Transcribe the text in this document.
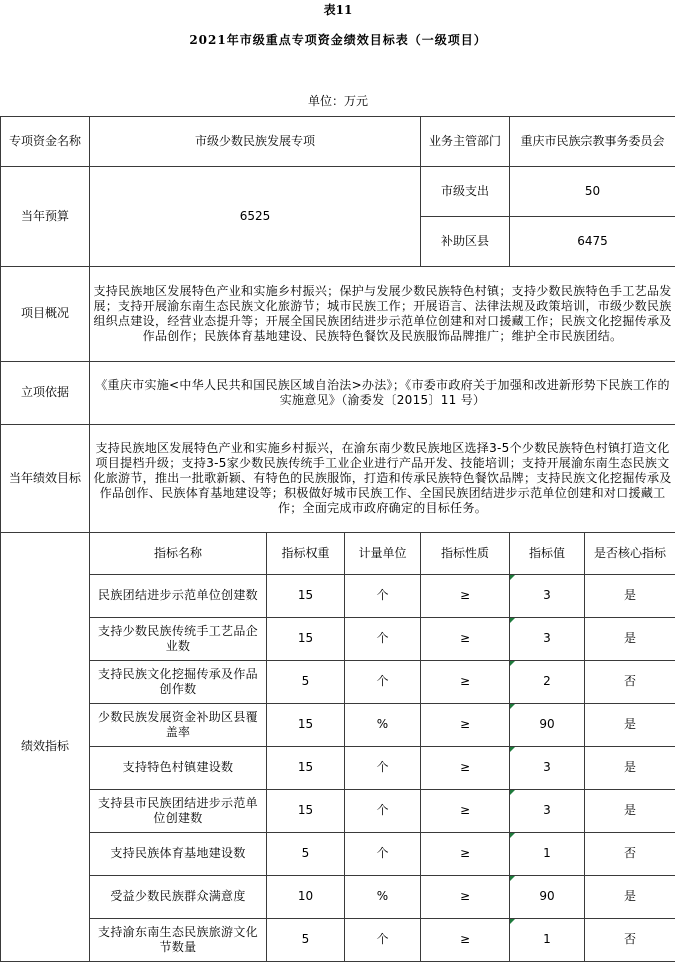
表11						
2021年市级重点专项资金绩效目标表（一级项目）						

单位：万元						
专项资金名称	市级少数民族发展专项			业务主管部门	重庆市民族宗教事务委员会	
当年预算	6525			市级支出	50	
				补助区县	6475	
项目概况	支持民族地区发展特色产业和实施乡村振兴；保护与发展少数民族特色村镇；支持少数民族特色手工艺品发展；支持开展渝东南生态民族文化旅游节；城市民族工作；开展语言、法律法规及政策培训，市级少数民族组织点建设，经营业态提升等；开展全国民族团结进步示范单位创建和对口援藏工作；民族文化挖掘传承及作品创作；民族体育基地建设、民族特色餐饮及民族服饰品牌推广；维护全市民族团结。					
立项依据	《重庆市实施<中华人民共和国民族区域自治法>办法》；《市委市政府关于加强和改进新形势下民族工作的实施意见》（渝委发〔2015〕11 号）					
当年绩效目标	支持民族地区发展特色产业和实施乡村振兴，在渝东南少数民族地区选择3-5个少数民族特色村镇打造文化项目提档升级；支持3-5家少数民族传统手工业企业进行产品开发、技能培训；支持开展渝东南生态民族文化旅游节，推出一批歌新颖、有特色的民族服饰，打造和传承民族特色餐饮品牌；支持民族文化挖掘传承及作品创作、民族体育基地建设等；积极做好城市民族工作、全国民族团结进步示范单位创建和对口援藏工作；全面完成市政府确定的目标任务。					
绩效指标	指标名称	指标权重	计量单位	指标性质	指标值	是否核心指标
	民族团结进步示范单位创建数	15	个	≥	3	是
	支持少数民族传统手工艺品企业数	15	个	≥	3	是
	支持民族文化挖掘传承及作品创作数	5	个	≥	2	否
	少数民族发展资金补助区县覆盖率	15	%	≥	90	是
	支持特色村镇建设数	15	个	≥	3	是
	支持县市民族团结进步示范单位创建数	15	个	≥	3	是
	支持民族体育基地建设数	5	个	≥	1	否
	受益少数民族群众满意度	10	%	≥	90	是
	支持渝东南生态民族旅游文化节数量	5	个	≥	1	否
